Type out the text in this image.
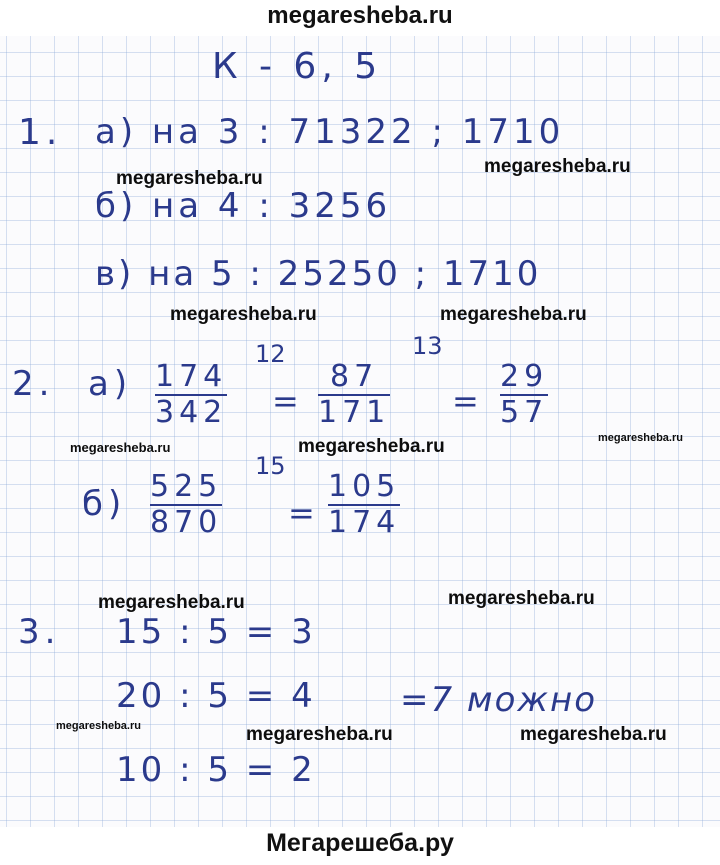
megaresheba.ru
К - 6, 5
1. а) на 3 : 71322 ; 1710
б) на 4 : 3256
в) на 5 : 25250 ; 1710
2. а) 174
342
12
=
87
171
13
=
29
57
б) 525
870
15
=
105
174
3. 15 : 5 = 3
20 : 5 = 4 =7 можно
10 : 5 = 2
megaresheba.ru
megaresheba.ru
megaresheba.ru	megaresheba.ru
megaresheba.ru	megaresheba.ru	megaresheba.ru
megaresheba.ru	megaresheba.ru
megaresheba.ru	megaresheba.ru	megaresheba.ru
Мегарешеба.ру
